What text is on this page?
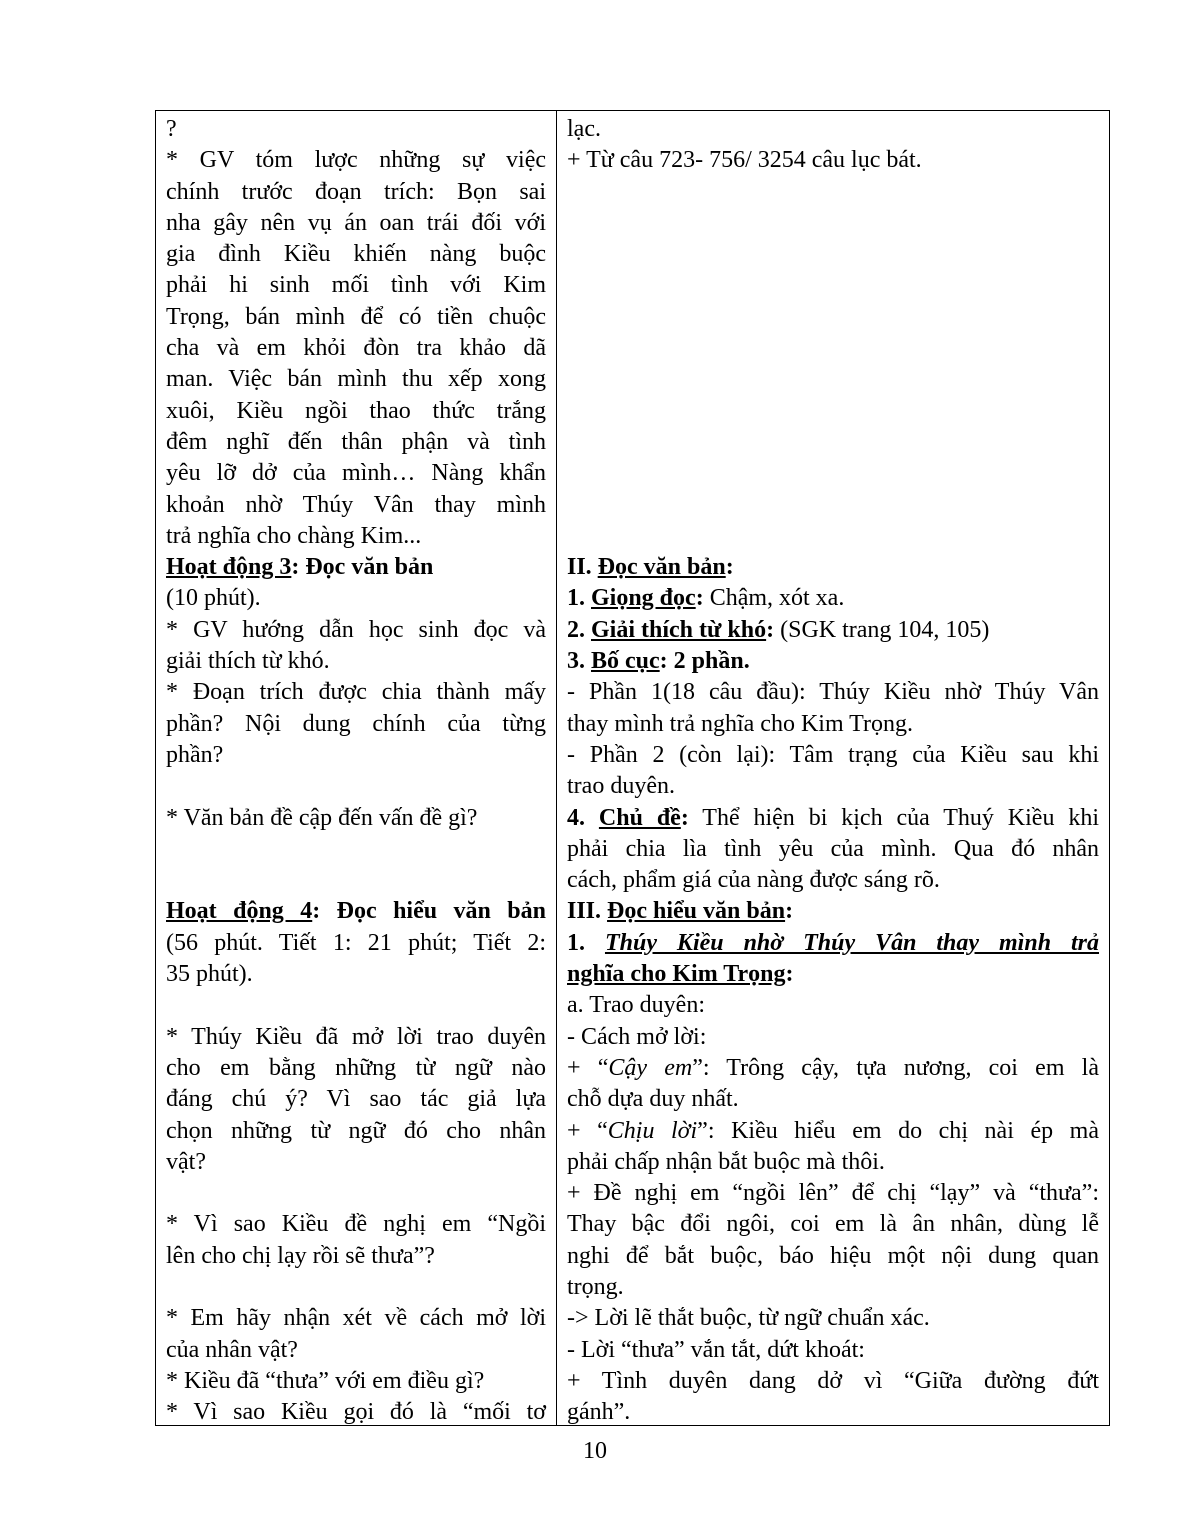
?
* GV tóm lược những sự việc
chính trước đoạn trích: Bọn sai
nha gây nên vụ án oan trái đối với
gia đình Kiều khiến nàng buộc
phải hi sinh mối tình với Kim
Trọng, bán mình để có tiền chuộc
cha và em khỏi đòn tra khảo dã
man. Việc bán mình thu xếp xong
xuôi, Kiều ngồi thao thức trắng
đêm nghĩ đến thân phận và tình
yêu lỡ dở của mình… Nàng khẩn
khoản nhờ Thúy Vân thay mình
trả nghĩa cho chàng Kim...
Hoạt động 3: Đọc văn bản
(10 phút).
* GV hướng dẫn học sinh đọc và
giải thích từ khó.
* Đoạn trích được chia thành mấy
phần? Nội dung chính của từng
phần?
* Văn bản đề cập đến vấn đề gì?
Hoạt động 4: Đọc hiểu văn bản
(56 phút. Tiết 1: 21 phút; Tiết 2:
35 phút).
* Thúy Kiều đã mở lời trao duyên
cho em bằng những từ ngữ nào
đáng chú ý? Vì sao tác giả lựa
chọn những từ ngữ đó cho nhân
vật?
* Vì sao Kiều đề nghị em “Ngồi
lên cho chị lạy rồi sẽ thưa”?
* Em hãy nhận xét về cách mở lời
của nhân vật?
* Kiều đã “thưa” với em điều gì?
* Vì sao Kiều gọi đó là “mối tơ
lạc.
+ Từ câu 723- 756/ 3254 câu lục bát.
II. Đọc văn bản:
1. Giọng đọc: Chậm, xót xa.
2. Giải thích từ khó: (SGK trang 104, 105)
3. Bố cục: 2 phần.
- Phần 1(18 câu đầu): Thúy Kiều nhờ Thúy Vân
thay mình trả nghĩa cho Kim Trọng.
- Phần 2 (còn lại): Tâm trạng của Kiều sau khi
trao duyên.
4. Chủ đề: Thể hiện bi kịch của Thuý Kiều khi
phải chia lìa tình yêu của mình. Qua đó nhân
cách, phẩm giá của nàng được sáng rõ.
III. Đọc hiểu văn bản:
1. Thúy Kiều nhờ Thúy Vân thay mình trả
nghĩa cho Kim Trọng:
a. Trao duyên:
- Cách mở lời:
+ “Cậy em”: Trông cậy, tựa nương, coi em là
chỗ dựa duy nhất.
+ “Chịu lời”: Kiều hiểu em do chị nài ép mà
phải chấp nhận bắt buộc mà thôi.
+ Đề nghị em “ngồi lên” để chị “lạy” và “thưa”:
Thay bậc đổi ngôi, coi em là ân nhân, dùng lễ
nghi để bắt buộc, báo hiệu một nội dung quan
trọng.
-> Lời lẽ thắt buộc, từ ngữ chuẩn xác.
- Lời “thưa” vắn tắt, dứt khoát:
+ Tình duyên dang dở vì “Giữa đường đứt
gánh”.
10
